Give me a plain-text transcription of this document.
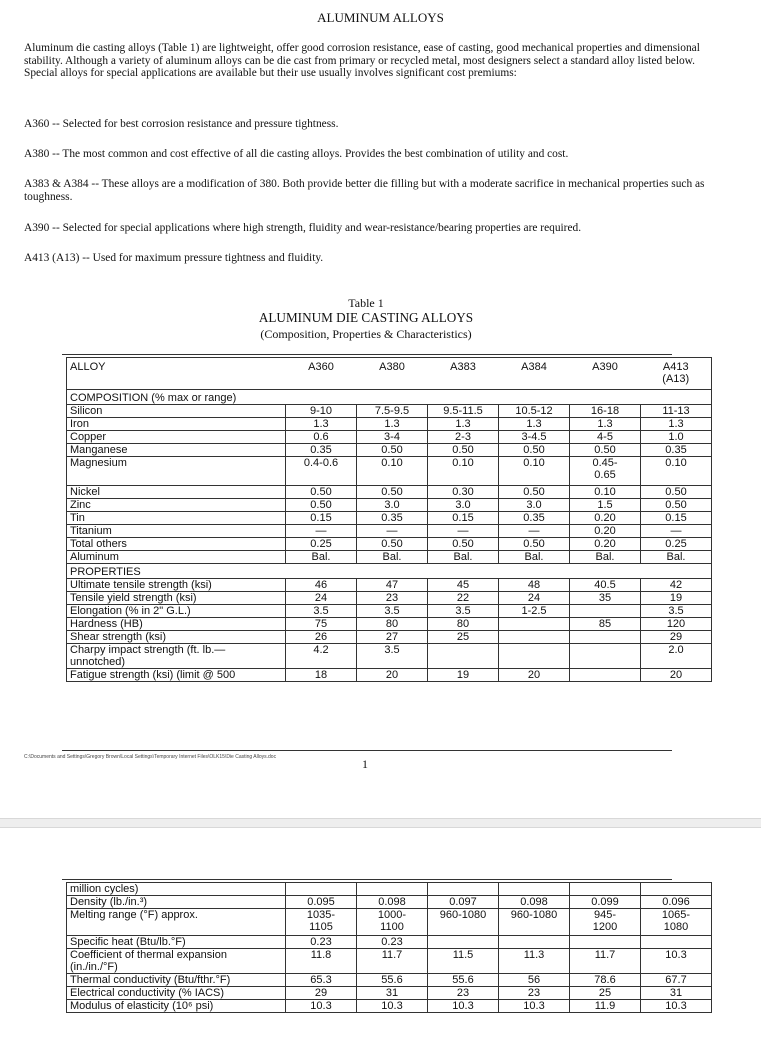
ALUMINUM ALLOYS
Aluminum die casting alloys (Table 1) are lightweight, offer good corrosion resistance, ease of casting, good mechanical properties and dimensional stability. Although a variety of aluminum alloys can be die cast from primary or recycled metal, most designers select a standard alloy listed below. Special alloys for special applications are available but their use usually involves significant cost premiums:
A360 -- Selected for best corrosion resistance and pressure tightness.
A380 -- The most common and cost effective of all die casting alloys. Provides the best combination of utility and cost.
A383 & A384 -- These alloys are a modification of 380. Both provide better die filling but with a moderate sacrifice in mechanical properties such as toughness.
A390 -- Selected for special applications where high strength, fluidity and wear-resistance/bearing properties are required.
A413 (A13) -- Used for maximum pressure tightness and fluidity.
Table 1
ALUMINUM DIE CASTING ALLOYS
(Composition, Properties & Characteristics)
ALLOY	A360	A380	A383	A384	A390	A413
(A13)
COMPOSITION (% max or range)						
Silicon	9-10	7.5-9.5	9.5-11.5	10.5-12	16-18	11-13
Iron	1.3	1.3	1.3	1.3	1.3	1.3
Copper	0.6	3-4	2-3	3-4.5	4-5	1.0
Manganese	0.35	0.50	0.50	0.50	0.50	0.35
Magnesium	0.4-0.6	0.10	0.10	0.10	0.45-
0.65	0.10
Nickel	0.50	0.50	0.30	0.50	0.10	0.50
Zinc	0.50	3.0	3.0	3.0	1.5	0.50
Tin	0.15	0.35	0.15	0.35	0.20	0.15
Titanium	—	—	—	—	0.20	—
Total others	0.25	0.50	0.50	0.50	0.20	0.25
Aluminum	Bal.	Bal.	Bal.	Bal.	Bal.	Bal.
PROPERTIES						
Ultimate tensile strength (ksi)	46	47	45	48	40.5	42
Tensile yield strength (ksi)	24	23	22	24	35	19
Elongation (% in 2" G.L.)	3.5	3.5	3.5	1-2.5		3.5
Hardness (HB)	75	80	80		85	120
Shear strength (ksi)	26	27	25			29
Charpy impact strength (ft. lb.—
unnotched)	4.2	3.5				2.0
Fatigue strength (ksi) (limit @ 500	18	20	19	20		20
C:\Documents and Settings\Gregory Brown\Local Settings\Temporary Internet Files\OLK15\Die Casting Alloys.doc	1
million cycles)						
Density (lb./in.³)	0.095	0.098	0.097	0.098	0.099	0.096
Melting range (°F) approx.	1035-
1105	1000-
1100	960-1080	960-1080	945-
1200	1065-
1080
Specific heat (Btu/lb.°F)	0.23	0.23				
Coefficient of thermal expansion
(in./in./°F)	11.8	11.7	11.5	11.3	11.7	10.3
Thermal conductivity (Btu/fthr.°F)	65.3	55.6	55.6	56	78.6	67.7
Electrical conductivity (% IACS)	29	31	23	23	25	31
Modulus of elasticity (10⁶ psi)	10.3	10.3	10.3	10.3	11.9	10.3
